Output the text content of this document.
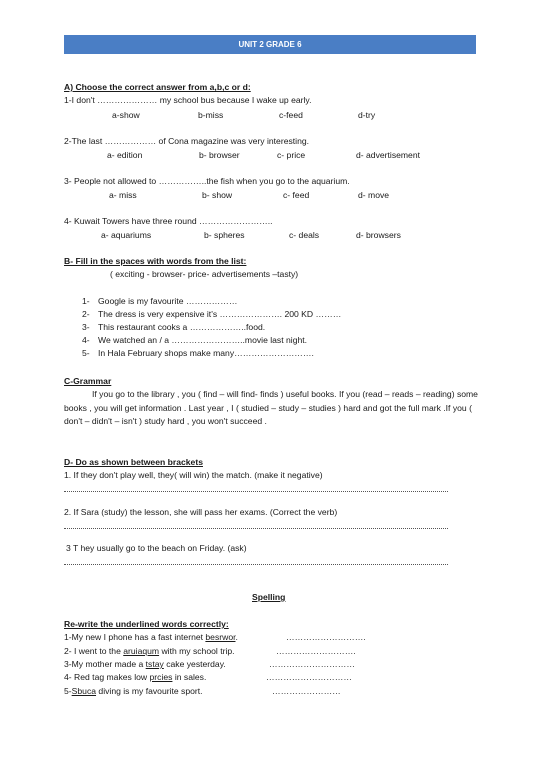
UNIT 2 GRADE 6
A) Choose the correct answer from a,b,c or d:
1-I don't ………………… my school bus because I wake up early.
a-show	b-miss	c-feed	d-try
2-The last ……………… of Cona magazine was very interesting.
a- edition	b- browser	c- price	d- advertisement
3- People not allowed to ……………..the fish when you go to the aquarium.
a- miss	b- show	c- feed	d- move
4- Kuwait Towers have three round ……………………..
a- aquariums	b- spheres	c- deals	d- browsers
B- Fill in the spaces with words from the list:
( exciting - browser- price- advertisements –tasty)
1- Google is my favourite ………………
2- The dress is very expensive it's …………………. 200 KD ………
3- This restaurant cooks a ………………..food.
4- We watched an / a ……………………..movie last night.
5- In Hala February shops make many……………………….
C-Grammar
If you go to the library , you ( find – will find- finds ) useful books. If you (read – reads – reading) some books , you will get information . Last year , I ( studied – study – studies ) hard and got the full mark .If you ( don't – didn't – isn't ) study hard , you won't succeed .
D- Do as shown between brackets
1. If they don't play well, they( will win) the match. (make it negative)
2. If Sara (study) the lesson, she will pass her exams. (Correct the verb)
3 T hey usually go to the beach on Friday. (ask)
Spelling
Re-write the underlined words correctly:
1-My new I phone has a fast internet besrwor.	……………………….
2- I went to the aruiaqum with my school trip.	……………………….
3-My mother made a tstay cake yesterday.	…………………………
4- Red tag makes low prcies in sales.	…………………………
5-Sbuca diving is my favourite sport.	……………………
